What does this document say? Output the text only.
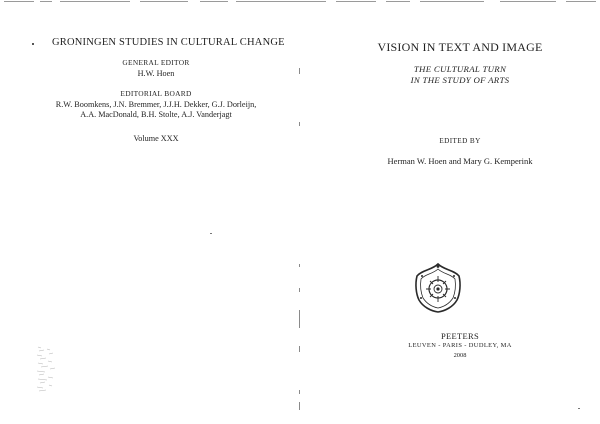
GRONINGEN STUDIES IN CULTURAL CHANGE
GENERAL EDITOR
H.W. Hoen
EDITORIAL BOARD
R.W. Boomkens, J.N. Bremmer, J.J.H. Dekker, G.J. Dorleijn,
A.A. MacDonald, B.H. Stolte, A.J. Vanderjagt
Volume XXX
VISION IN TEXT AND IMAGE
THE CULTURAL TURN
IN THE STUDY OF ARTS
EDITED BY
Herman W. Hoen and Mary G. Kemperink
PEETERS
LEUVEN - PARIS - DUDLEY, MA
2008
